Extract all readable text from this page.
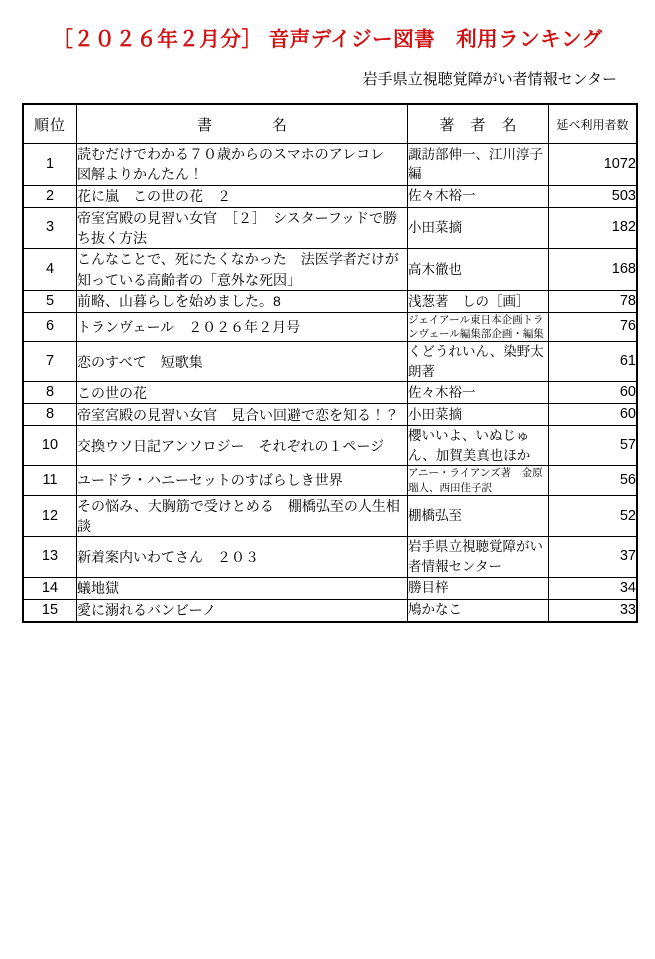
［２０２６年２月分］ 音声デイジー図書　利用ランキング
岩手県立視聴覚障がい者情報センター
順位	書　　名	著 者 名	延べ利用者数
1	読むだけでわかる７０歳からのスマホのアレコレ　図解よりかんたん！	諏訪部伸一、江川淳子編	1072
2	花に嵐　この世の花　２	佐々木裕一	503
3	帝室宮殿の見習い女官　［２］　シスターフッドで勝ち抜く方法	小田菜摘	182
4	こんなことで、死にたくなかった　法医学者だけが知っている高齢者の「意外な死因」	高木徹也	168
5	前略、山暮らしを始めました。8	浅葱著　しの［画］	78
6	トランヴェール　２０２６年２月号	ジェイアール東日本企画トランヴェール編集部企画・編集	76
7	恋のすべて　短歌集	くどうれいん、染野太朗著	61
8	この世の花	佐々木裕一	60
8	帝室宮殿の見習い女官　見合い回避で恋を知る！？	小田菜摘	60
10	交換ウソ日記アンソロジー　それぞれの１ページ	櫻いいよ、いぬじゅん、加賀美真也ほか	57
11	ユードラ・ハニーセットのすばらしき世界	アニー・ライアンズ著　金原瑞人、西田佳子訳	56
12	その悩み、大胸筋で受けとめる　棚橋弘至の人生相談	棚橋弘至	52
13	新着案内いわてさん　２０３	岩手県立視聴覚障がい者情報センター	37
14	蟻地獄	勝目梓	34
15	愛に溺れるバンビーノ	鳩かなこ	33
